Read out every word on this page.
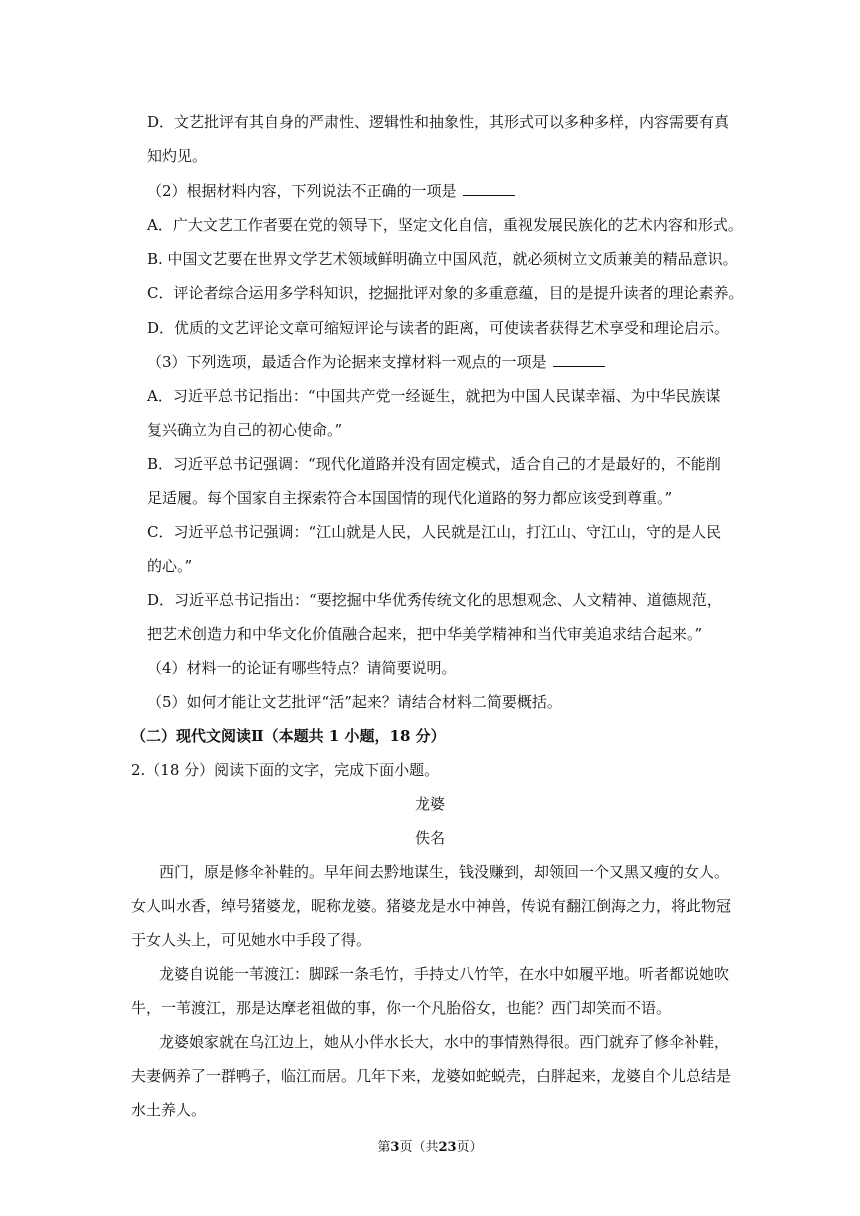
D．文艺批评有其自身的严肃性、逻辑性和抽象性，其形式可以多种多样，内容需要有真
知灼见。
（2）根据材料内容，下列说法不正确的一项是
A．广大文艺工作者要在党的领导下，坚定文化自信，重视发展民族化的艺术内容和形式。
B. 中国文艺要在世界文学艺术领域鲜明确立中国风范，就必须树立文质兼美的精品意识。
C．评论者综合运用多学科知识，挖掘批评对象的多重意蕴，目的是提升读者的理论素养。
D．优质的文艺评论文章可缩短评论与读者的距离，可使读者获得艺术享受和理论启示。
（3）下列选项，最适合作为论据来支撑材料一观点的一项是
A．习近平总书记指出：“中国共产党一经诞生，就把为中国人民谋幸福、为中华民族谋
复兴确立为自己的初心使命。”
B．习近平总书记强调：“现代化道路并没有固定模式，适合自己的才是最好的，不能削
足适履。每个国家自主探索符合本国国情的现代化道路的努力都应该受到尊重。”
C．习近平总书记强调：“江山就是人民，人民就是江山，打江山、守江山，守的是人民
的心。”
D．习近平总书记指出：“要挖掘中华优秀传统文化的思想观念、人文精神、道德规范，
把艺术创造力和中华文化价值融合起来，把中华美学精神和当代审美追求结合起来。”
（4）材料一的论证有哪些特点？请简要说明。
（5）如何才能让文艺批评“活”起来？请结合材料二简要概括。
（二）现代文阅读Ⅱ（本题共 1 小题，18 分）
2.（18 分）阅读下面的文字，完成下面小题。
龙婆
佚名
西门，原是修伞补鞋的。早年间去黔地谋生，钱没赚到，却领回一个又黑又瘦的女人。
女人叫水香，绰号猪婆龙，昵称龙婆。猪婆龙是水中神兽，传说有翻江倒海之力，将此物冠
于女人头上，可见她水中手段了得。
龙婆自说能一苇渡江：脚踩一条毛竹，手持丈八竹竿，在水中如履平地。听者都说她吹
牛，一苇渡江，那是达摩老祖做的事，你一个凡胎俗女，也能？西门却笑而不语。
龙婆娘家就在乌江边上，她从小伴水长大，水中的事情熟得很。西门就弃了修伞补鞋，
夫妻俩养了一群鸭子，临江而居。几年下来，龙婆如蛇蜕壳，白胖起来，龙婆自个儿总结是
水土养人。
第3页（共23页）
